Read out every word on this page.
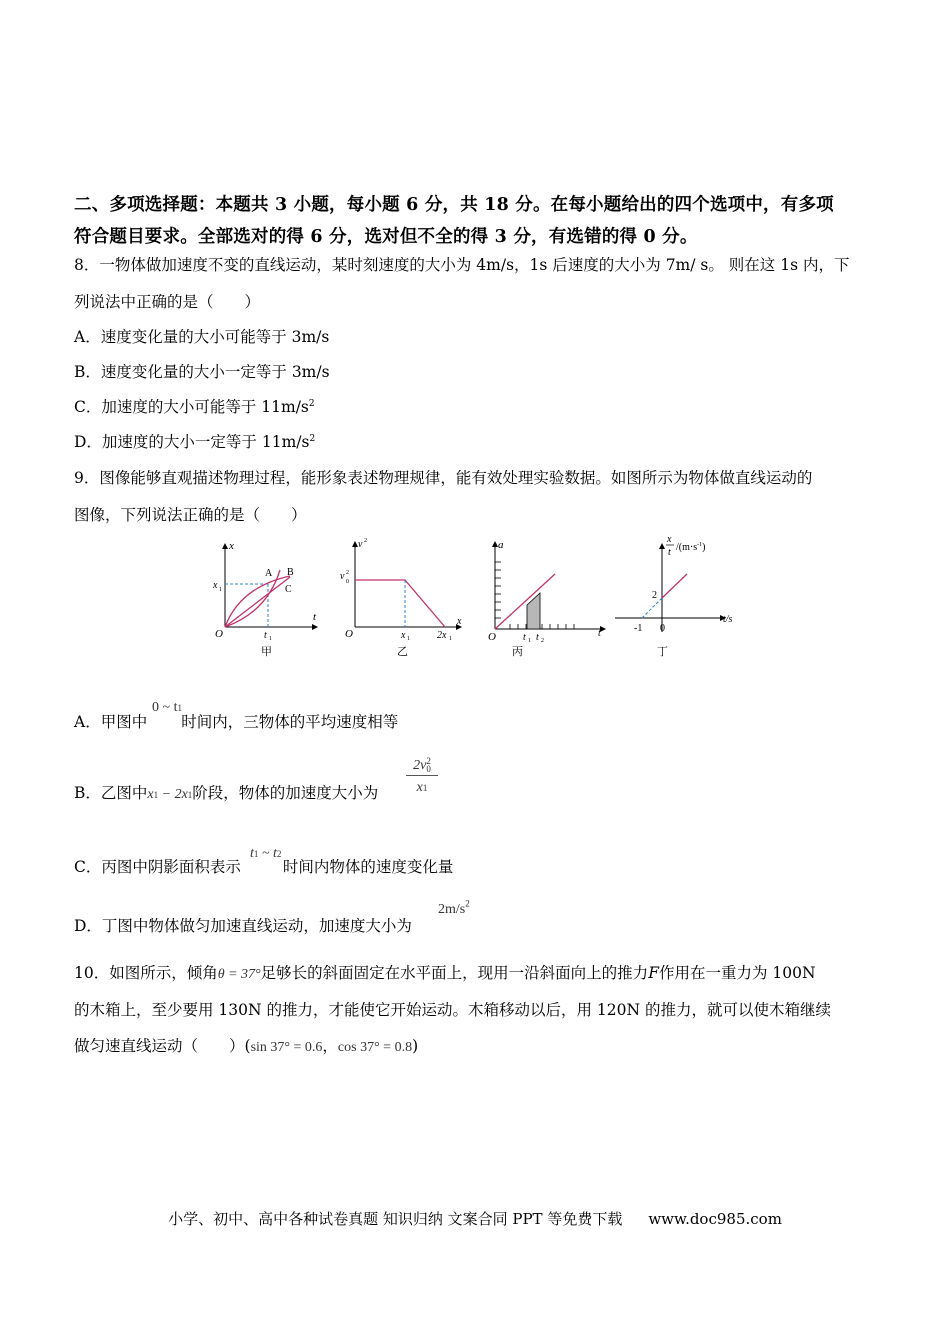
二、多项选择题：本题共 3 小题，每小题 6 分，共 18 分。在每小题给出的四个选项中，有多项
符合题目要求。全部选对的得 6 分，选对但不全的得 3 分，有选错的得 0 分。
8．一物体做加速度不变的直线运动，某时刻速度的大小为 4m/s，1s 后速度的大小为 7m/ s。 则在这 1s 内，下
列说法中正确的是（　　）
A．速度变化量的大小可能等于 3m/s
B．速度变化量的大小一定等于 3m/s
C．加速度的大小可能等于 $11m/s^2$
D．加速度的大小一定等于 $11m/s^2$
9．图像能够直观描述物理过程，能形象表述物理规律，能有效处理实验数据。如图所示为物体做直线运动的
图像，下列说法正确的是（　　）
x
t
x 1
t 1
O
A B
C
甲
v 2
v 2
0
O	x 1	2x 1
x
乙
a
O	t 1 t 2
t
丙
x
t $/(m\cdot s^{-1})$
2
-1 0
t/s
丁
0 ~ t1
A．甲图中 时间内，三物体的平均速度相等
B．乙图中x1 − 2x1阶段，物体的加速度大小为
2v 2
0
x1
t1 ~ t2
C．丙图中阴影面积表示	时间内物体的速度变化量
$2m/s^2$
D．丁图中物体做匀加速直线运动，加速度大小为
10．如图所示，倾角θ = 37°足够长的斜面固定在水平面上，现用一沿斜面向上的推力F作用在一重力为 100N
的木箱上，至少要用 130N 的推力，才能使它开始运动。木箱移动以后，用 120N 的推力，就可以使木箱继续
做匀速直线运动（　　）(sin 37° = 0.6，cos 37° = 0.8)
小学、初中、高中各种试卷真题 知识归纳 文案合同 PPT 等免费下载 www.doc985.com
